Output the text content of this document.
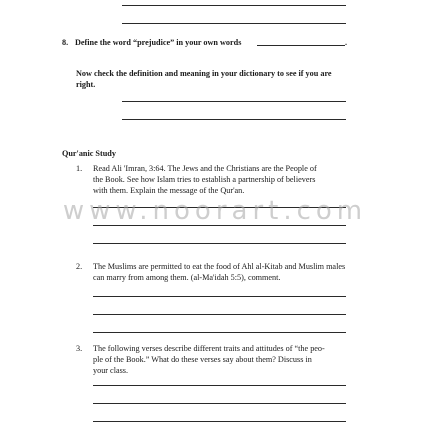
8. Define the word “prejudice” in your own words	.
Now check the definition and meaning in your dictionary to see if you are
right.
Qur'anic Study
1. Read Ali 'Imran, 3:64. The Jews and the Christians are the People of
the Book. See how Islam tries to establish a partnership of believers
with them. Explain the message of the Qur'an.
2. The Muslims are permitted to eat the food of Ahl al-Kitab and Muslim males
can marry from among them. (al-Ma'idah 5:5), comment.
3. The following verses describe different traits and attitudes of “the peo-
ple of the Book.” What do these verses say about them? Discuss in
your class.
www.noorart.com
